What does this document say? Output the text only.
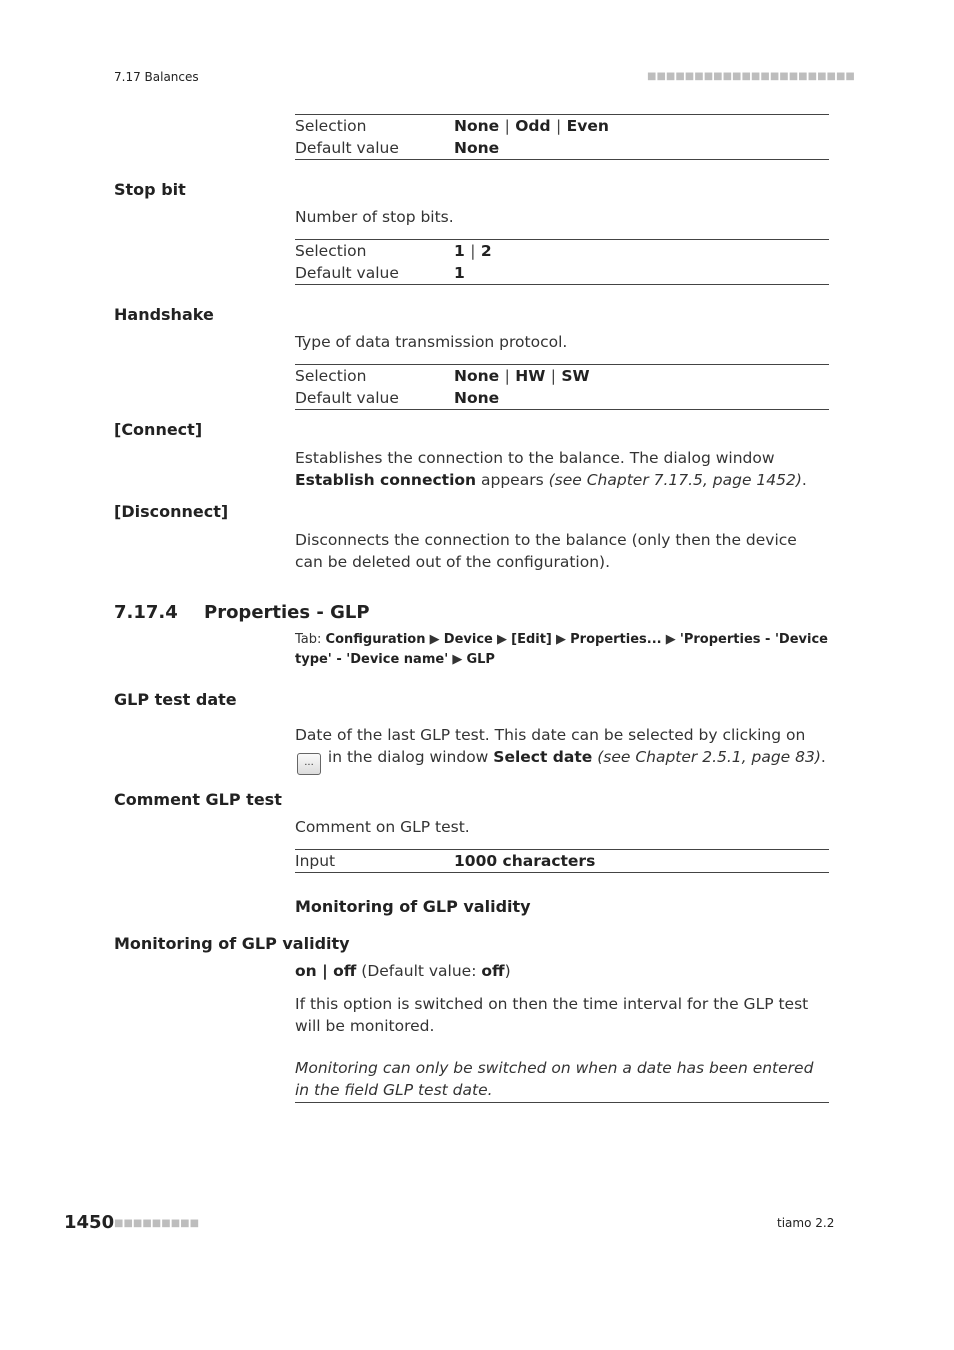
7.17 Balances	■■■■■■■■■■■■■■■■■■■■■■
Selection	None | Odd | Even
Default value	None
Stop bit
Number of stop bits.
Selection	1 | 2
Default value	1
Handshake
Type of data transmission protocol.
Selection	None | HW | SW
Default value	None
[Connect]
Establishes the connection to the balance. The dialog window Establish connection appears (see Chapter 7.17.5, page 1452).
[Disconnect]
Disconnects the connection to the balance (only then the device can be deleted out of the configuration).
7.17.4 Properties - GLP
Tab: Configuration ▶ Device ▶ [Edit] ▶ Properties... ▶ 'Properties - 'Device type' - 'Device name' ▶ GLP
GLP test date
Date of the last GLP test. This date can be selected by clicking on ... in the dialog window Select date (see Chapter 2.5.1, page 83).
Comment GLP test
Comment on GLP test.
Input	1000 characters
Monitoring of GLP validity
Monitoring of GLP validity
on | off (Default value: off)
If this option is switched on then the time interval for the GLP test will be monitored.
Monitoring can only be switched on when a date has been entered in the field GLP test date.
1450 ■■■■■■■■■	tiamo 2.2
